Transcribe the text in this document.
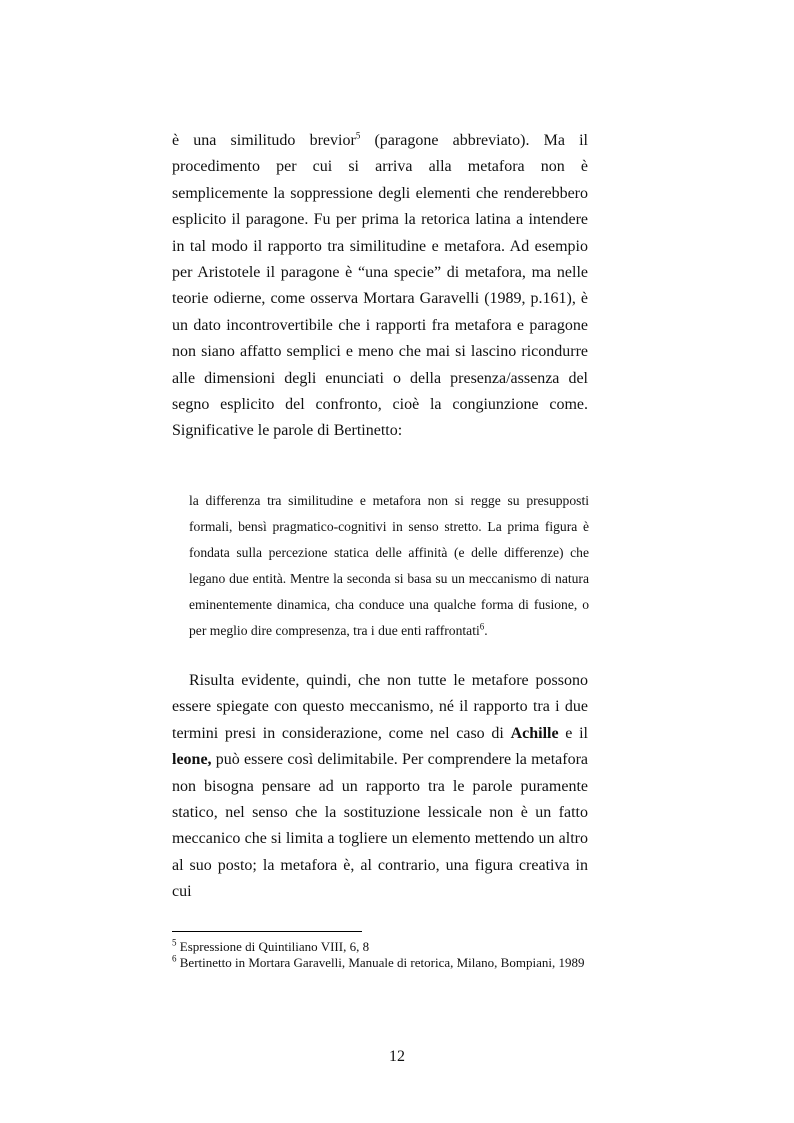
è una similitudo brevior$^5$ (paragone abbreviato). Ma il procedimento per cui si arriva alla metafora non è semplicemente la soppressione degli elementi che renderebbero esplicito il paragone. Fu per prima la retorica latina a intendere in tal modo il rapporto tra similitudine e metafora. Ad esempio per Aristotele il paragone è “una specie” di metafora, ma nelle teorie odierne, come osserva Mortara Garavelli (1989, p.161), è un dato incontrovertibile che i rapporti fra metafora e paragone non siano affatto semplici e meno che mai si lascino ricondurre alle dimensioni degli enunciati o della presenza/assenza del segno esplicito del confronto, cioè la congiunzione come. Significative le parole di Bertinetto:

la differenza tra similitudine e metafora non si regge su presupposti formali, bensì pragmatico-cognitivi in senso stretto. La prima figura è fondata sulla percezione statica delle affinità (e delle differenze) che legano due entità. Mentre la seconda si basa su un meccanismo di natura eminentemente dinamica, cha conduce una qualche forma di fusione, o per meglio dire compresenza, tra i due enti raffrontati$^6$.

Risulta evidente, quindi, che non tutte le metafore possono essere spiegate con questo meccanismo, né il rapporto tra i due termini presi in considerazione, come nel caso di Achille e il leone, può essere così delimitabile. Per comprendere la metafora non bisogna pensare ad un rapporto tra le parole puramente statico, nel senso che la sostituzione lessicale non è un fatto meccanico che si limita a togliere un elemento mettendo un altro al suo posto; la metafora è, al contrario, una figura creativa in cui

$^5$ Espressione di Quintiliano VIII, 6, 8

$^6$ Bertinetto in Mortara Garavelli, Manuale di retorica, Milano, Bompiani, 1989

12
